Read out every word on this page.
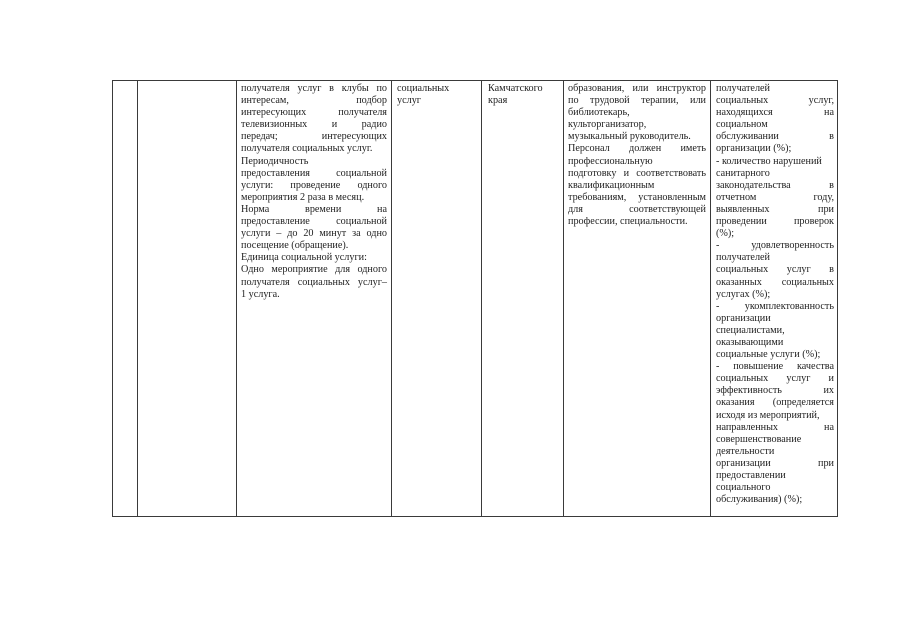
получателя услуг в клубы по

интересам, подбор

интересующих получателя

телевизионных и радио

передач; интересующих

получателя социальных услуг.

Периодичность

предоставления социальной

услуги: проведение одного

мероприятия 2 раза в месяц.

Норма времени на

предоставление социальной

услуги – до 20 минут за одно

посещение (обращение).

Единица социальной услуги:

Одно мероприятие для одного

получателя социальных услуг–

1 услуга.

социальных

услуг

Камчатского

края

образования, или инструктор

по трудовой терапии, или

библиотекарь,

культорганизатор,

музыкальный руководитель.

Персонал должен иметь

профессиональную

подготовку и соответствовать

квалификационным

требованиям, установленным

для соответствующей

профессии, специальности.

получателей

социальных услуг,

находящихся на

социальном

обслуживании в

организации (%);

- количество нарушений

санитарного

законодательства в

отчетном году,

выявленных при

проведении проверок

(%);

- удовлетворенность

получателей

социальных услуг в

оказанных социальных

услугах (%);

- укомплектованность

организации

специалистами,

оказывающими

социальные услуги (%);

- повышение качества

социальных услуг и

эффективность их

оказания (определяется

исходя из мероприятий,

направленных на

совершенствование

деятельности

организации при

предоставлении

социального

обслуживания) (%);
